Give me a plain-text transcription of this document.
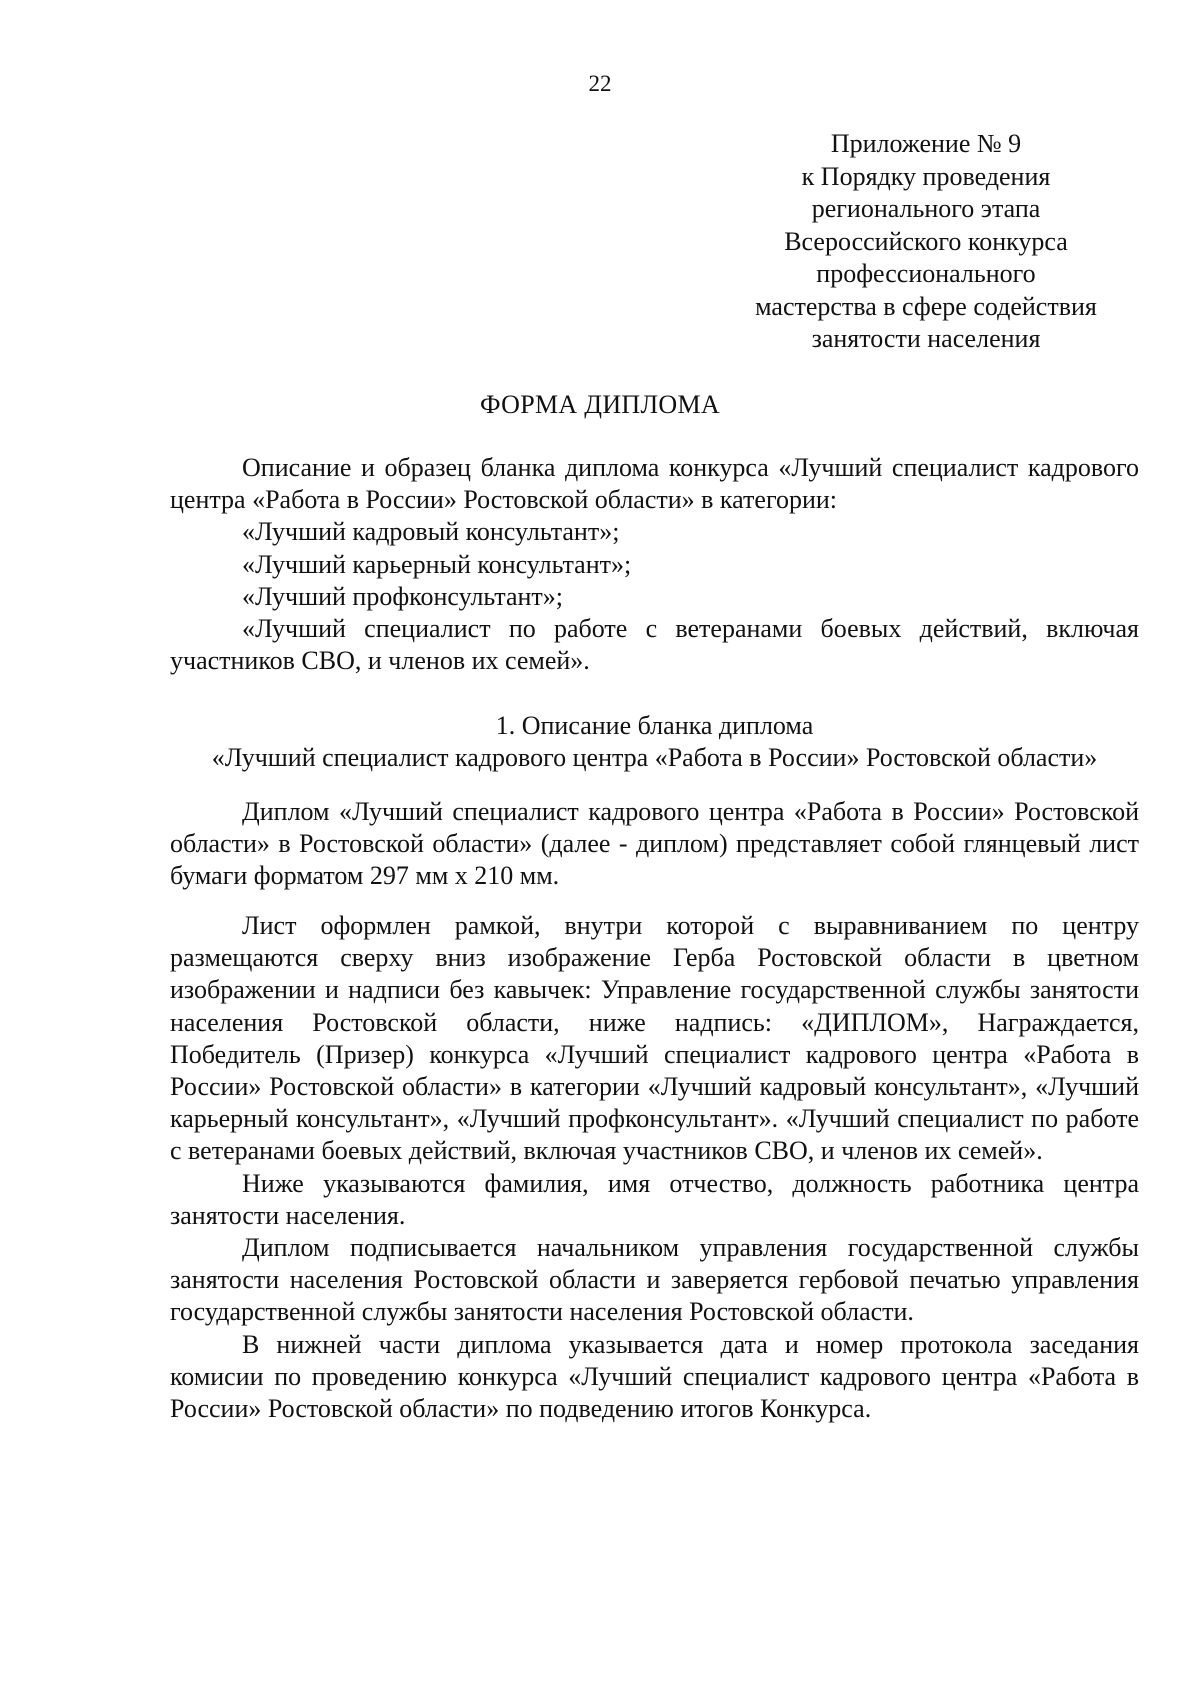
22
Приложение № 9
к Порядку проведения
регионального этапа
Всероссийского конкурса
профессионального
мастерства в сфере содействия
занятости населения
ФОРМА ДИПЛОМА

Описание и образец бланка диплома конкурса «Лучший специалист кадрового центра «Работа в России» Ростовской области» в категории:

«Лучший кадровый консультант»;
«Лучший карьерный консультант»;
«Лучший профконсультант»;

«Лучший специалист по работе с ветеранами боевых действий, включая участников СВО, и членов их семей».

1. Описание бланка диплома
«Лучший специалист кадрового центра «Работа в России» Ростовской области»

Диплом «Лучший специалист кадрового центра «Работа в России» Ростовской области» в Ростовской области» (далее - диплом) представляет собой глянцевый лист бумаги форматом 297 мм х 210 мм.

Лист оформлен рамкой, внутри которой с выравниванием по центру размещаются сверху вниз изображение Герба Ростовской области в цветном изображении и надписи без кавычек: Управление государственной службы занятости населения Ростовской области, ниже надпись: «ДИПЛОМ», Награждается, Победитель (Призер) конкурса «Лучший специалист кадрового центра «Работа в России» Ростовской области» в категории «Лучший кадровый консультант», «Лучший карьерный консультант», «Лучший профконсультант». «Лучший специалист по работе с ветеранами боевых действий, включая участников СВО, и членов их семей».

Ниже указываются фамилия, имя отчество, должность работника центра занятости населения.

Диплом подписывается начальником управления государственной службы занятости населения Ростовской области и заверяется гербовой печатью управления государственной службы занятости населения Ростовской области.

В нижней части диплома указывается дата и номер протокола заседания комисии по проведению конкурса «Лучший специалист кадрового центра «Работа в России» Ростовской области» по подведению итогов Конкурса.
